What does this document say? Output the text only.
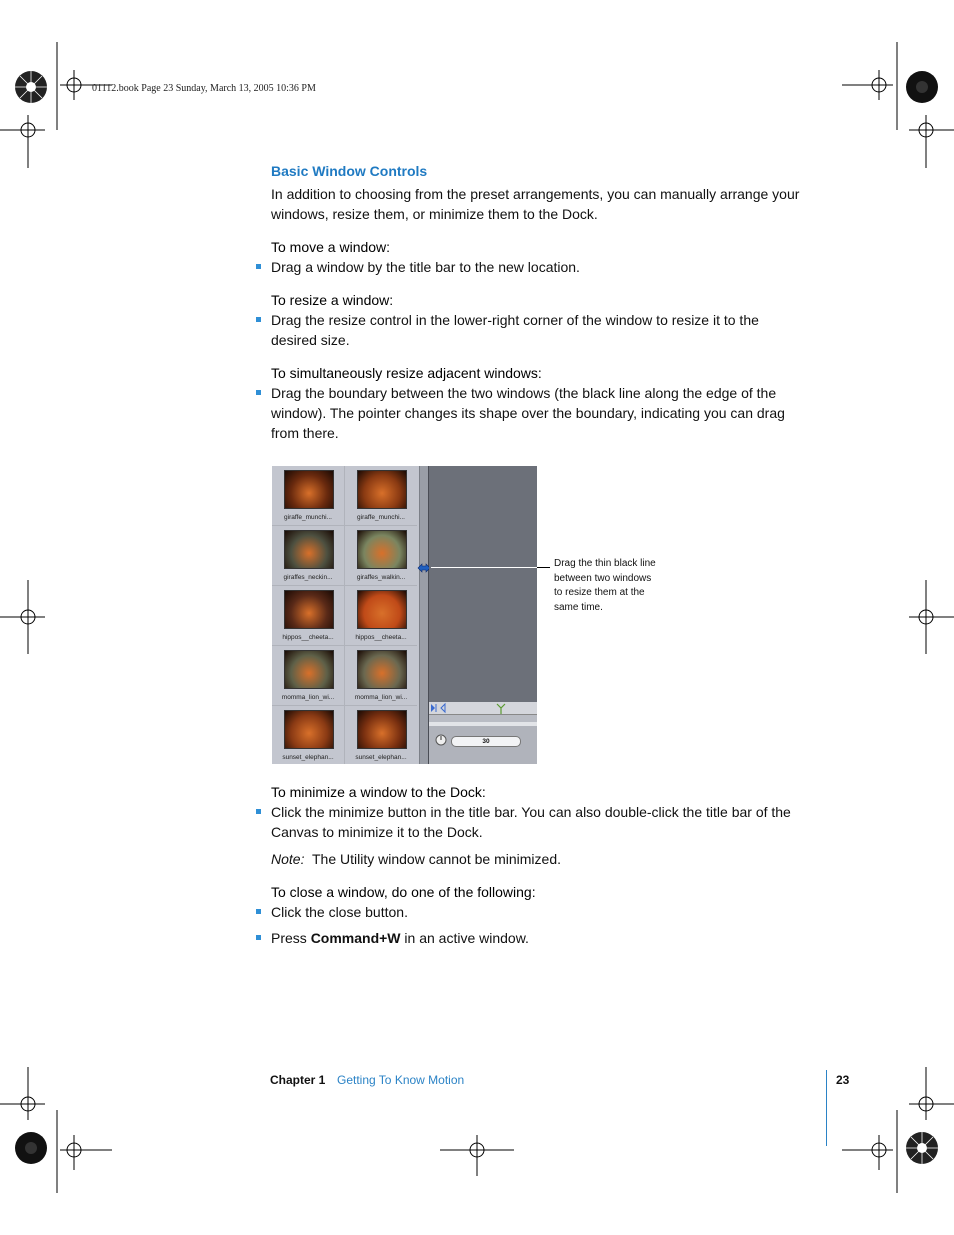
01112.book Page 23 Sunday, March 13, 2005 10:36 PM
Basic Window Controls
In addition to choosing from the preset arrangements, you can manually arrange your
windows, resize them, or minimize them to the Dock.
To move a window:
Drag a window by the title bar to the new location.
To resize a window:
Drag the resize control in the lower-right corner of the window to resize it to the
desired size.
To simultaneously resize adjacent windows:
Drag the boundary between the two windows (the black line along the edge of the
window). The pointer changes its shape over the boundary, indicating you can drag
from there.
giraffe_munchi...	giraffe_munchi...
giraffes_neckin...	giraffes_walkin...
hippos__cheeta...	hippos__cheeta...
momma_lion_wi...	momma_lion_wi...
sunset_elephan...	sunset_elephan...
30
Drag the thin black line
between two windows
to resize them at the
same time.
To minimize a window to the Dock:
Click the minimize button in the title bar. You can also double-click the title bar of the
Canvas to minimize it to the Dock.
Note: The Utility window cannot be minimized.
To close a window, do one of the following:
Click the close button.
Press Command+W in an active window.
Chapter 1 Getting To Know Motion	23
